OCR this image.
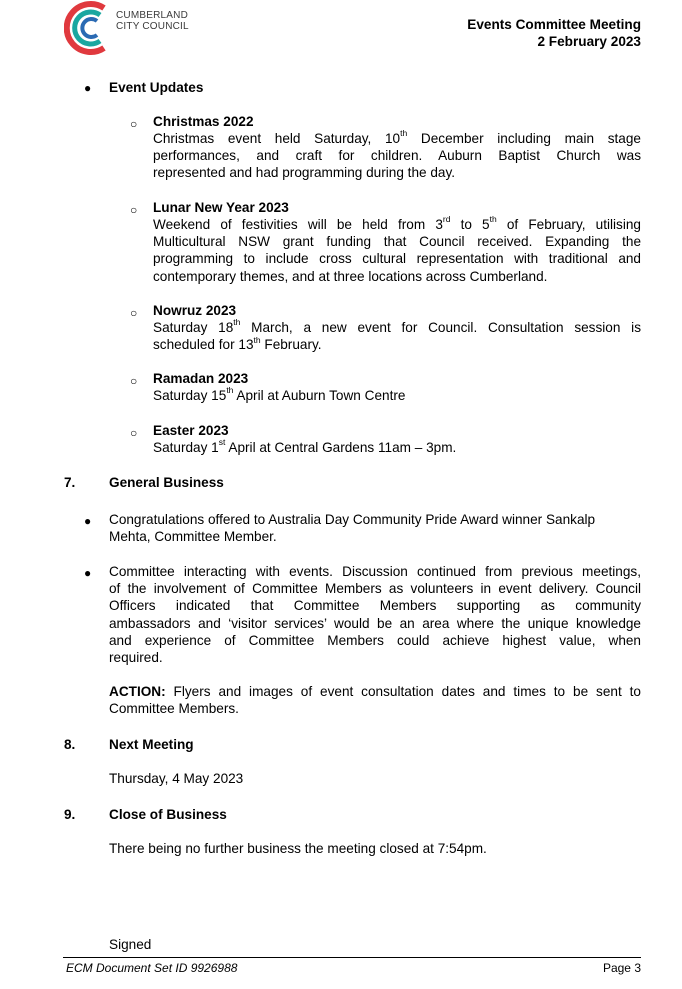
CUMBERLAND
CITY COUNCIL	Events Committee Meeting
2 February 2023
● Event Updates
○ Christmas 2022
Christmas event held Saturday, 10th December including main stage
performances, and craft for children. Auburn Baptist Church was
represented and had programming during the day.
○ Lunar New Year 2023
Weekend of festivities will be held from 3rd to 5th of February, utilising
Multicultural NSW grant funding that Council received. Expanding the
programming to include cross cultural representation with traditional and
contemporary themes, and at three locations across Cumberland.
○ Nowruz 2023
Saturday 18th March, a new event for Council. Consultation session is
scheduled for 13th February.
○ Ramadan 2023
Saturday 15th April at Auburn Town Centre
○ Easter 2023
Saturday 1st April at Central Gardens 11am – 3pm.
7. General Business
● Congratulations offered to Australia Day Community Pride Award winner Sankalp
Mehta, Committee Member.
● Committee interacting with events. Discussion continued from previous meetings,
of the involvement of Committee Members as volunteers in event delivery. Council
Officers indicated that Committee Members supporting as community
ambassadors and ‘visitor services’ would be an area where the unique knowledge
and experience of Committee Members could achieve highest value, when
required.
ACTION: Flyers and images of event consultation dates and times to be sent to
Committee Members.
8. Next Meeting
Thursday, 4 May 2023
9. Close of Business
There being no further business the meeting closed at 7:54pm.
Signed
ECM Document Set ID 9926988	Page 3
